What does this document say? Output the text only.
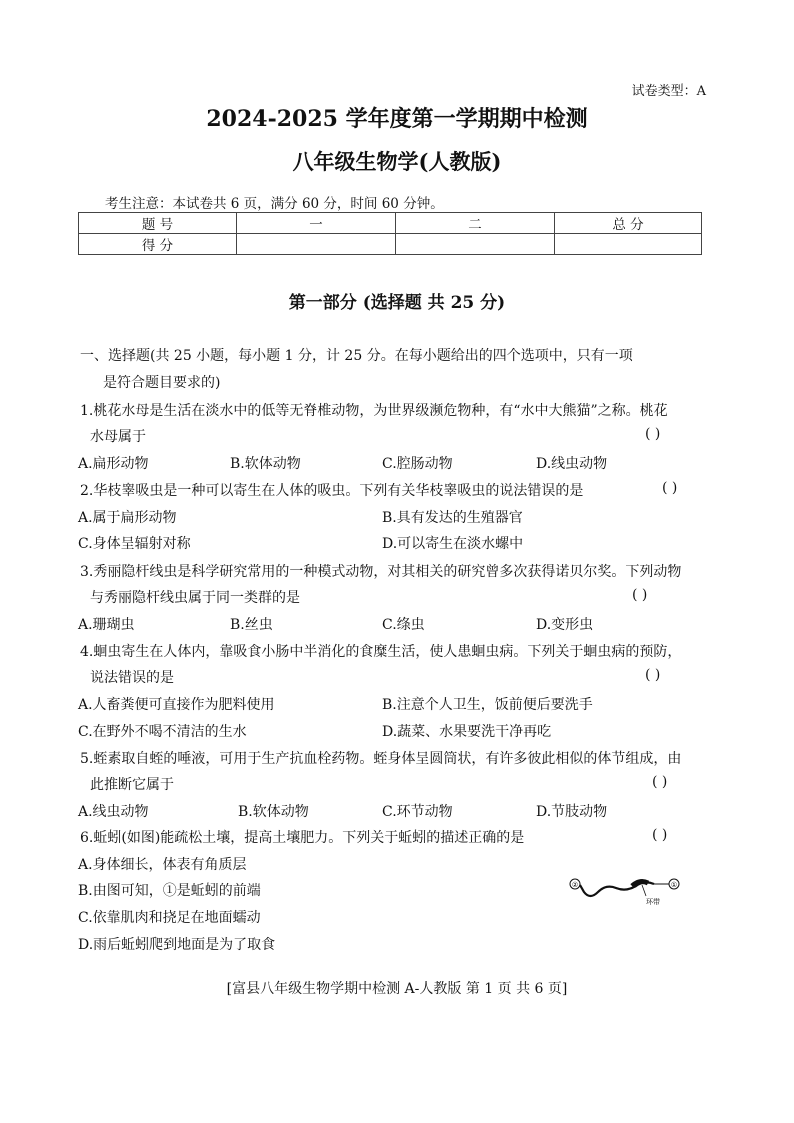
试卷类型：A
2024-2025 学年度第一学期期中检测
八年级生物学(人教版)
考生注意：本试卷共 6 页，满分 60 分，时间 60 分钟。
题 号	一	二	总 分
得 分			
第一部分 (选择题 共 25 分)
一、选择题(共 25 小题，每小题 1 分，计 25 分。在每小题给出的四个选项中，只有一项
是符合题目要求的)
1.桃花水母是生活在淡水中的低等无脊椎动物，为世界级濒危物种，有“水中大熊猫”之称。桃花
水母属于	( )
A.扁形动物	B.软体动物	C.腔肠动物	D.线虫动物
2.华枝睾吸虫是一种可以寄生在人体的吸虫。下列有关华枝睾吸虫的说法错误的是	( )
A.属于扁形动物	B.具有发达的生殖器官
C.身体呈辐射对称	D.可以寄生在淡水螺中
3.秀丽隐杆线虫是科学研究常用的一种模式动物，对其相关的研究曾多次获得诺贝尔奖。下列动物
与秀丽隐杆线虫属于同一类群的是	( )
A.珊瑚虫	B.丝虫	C.绦虫	D.变形虫
4.蛔虫寄生在人体内，靠吸食小肠中半消化的食糜生活，使人患蛔虫病。下列关于蛔虫病的预防，
说法错误的是	( )
A.人畜粪便可直接作为肥料使用	B.注意个人卫生，饭前便后要洗手
C.在野外不喝不清洁的生水	D.蔬菜、水果要洗干净再吃
5.蛭素取自蛭的唾液，可用于生产抗血栓药物。蛭身体呈圆筒状，有许多彼此相似的体节组成，由
此推断它属于	( )
A.线虫动物	B.软体动物	C.环节动物	D.节肢动物
6.蚯蚓(如图)能疏松土壤，提高土壤肥力。下列关于蚯蚓的描述正确的是	( )
A.身体细长，体表有角质层
B.由图可知，①是蚯蚓的前端
C.依靠肌肉和挠足在地面蠕动
D.雨后蚯蚓爬到地面是为了取食
②	①
环带
[富县八年级生物学期中检测 A-人教版 第 1 页 共 6 页]
